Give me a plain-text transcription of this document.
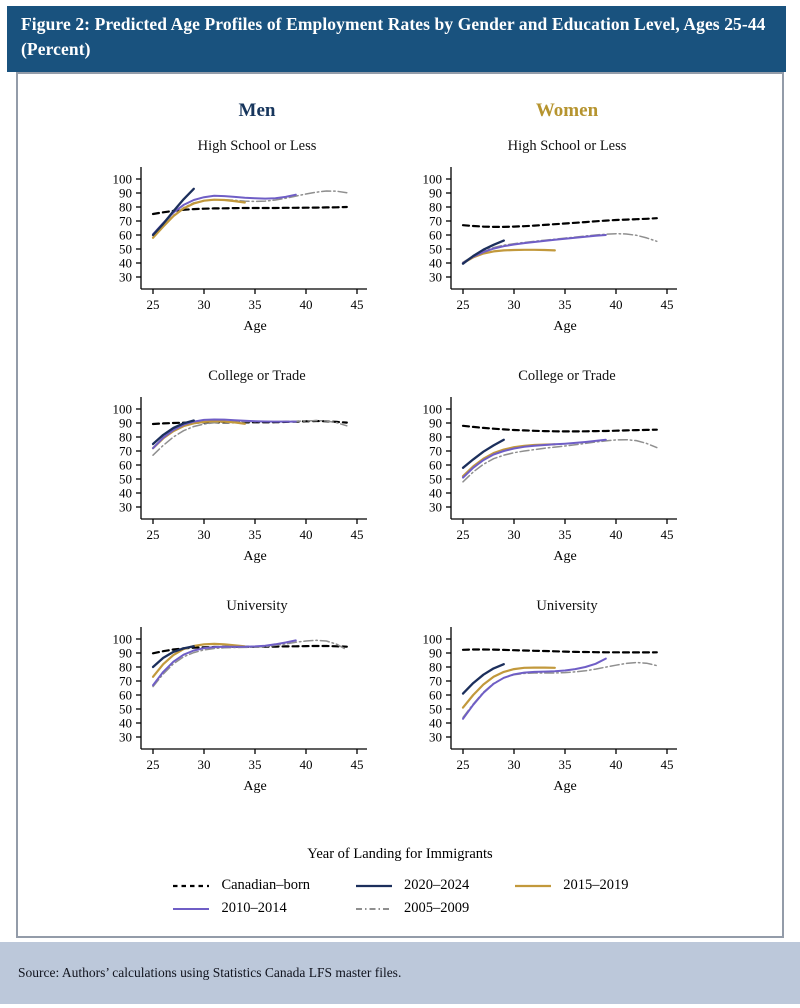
Figure 2: Predicted Age Profiles of Employment Rates by Gender and Education Level, Ages 25-44 (Percent)
Men	Women
High School or Less
30
40
50
60
70
80
90
100
25	30	35	40	45
Age
High School or Less
30
40
50
60
70
80
90
100
25	30	35	40	45
Age
College or Trade
30
40
50
60
70
80
90
100
25	30	35	40	45
Age
College or Trade
30
40
50
60
70
80
90
100
25	30	35	40	45
Age
University
30
40
50
60
70
80
90
100
25	30	35	40	45
Age
University
30
40
50
60
70
80
90
100
25	30	35	40	45
Age
Year of Landing for Immigrants
Canadian–born	2020–2024	2015–2019
2010–2014	2005–2009
Source: Authors’ calculations using Statistics Canada LFS master files.
